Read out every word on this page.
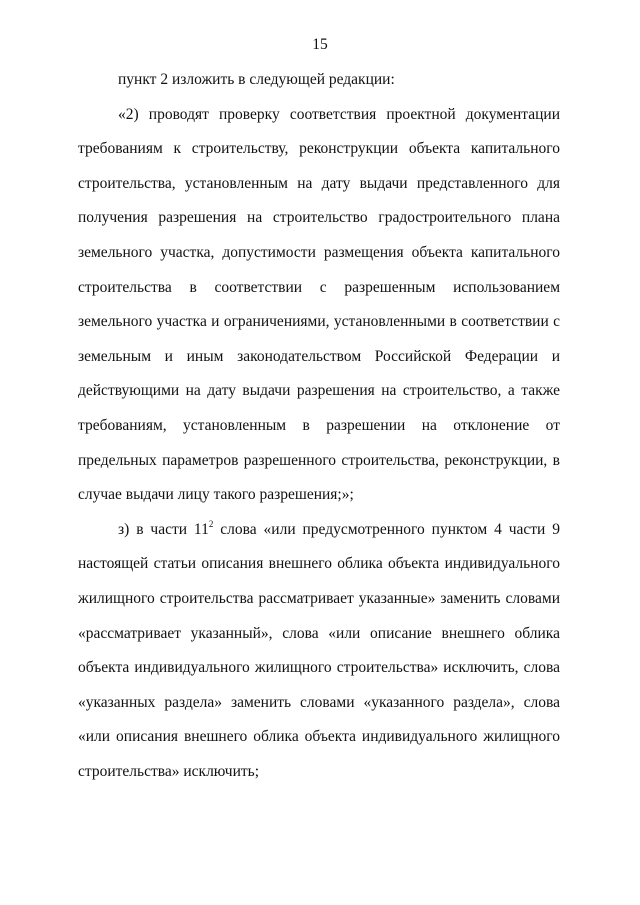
15

пункт 2 изложить в следующей редакции:

«2) проводят проверку соответствия проектной документации требованиям к строительству, реконструкции объекта капитального строительства, установленным на дату выдачи представленного для получения разрешения на строительство градостроительного плана земельного участка, допустимости размещения объекта капитального строительства в соответствии с разрешенным использованием земельного участка и ограничениями, установленными в соответствии с земельным и иным законодательством Российской Федерации и действующими на дату выдачи разрешения на строительство, а также требованиям, установленным в разрешении на отклонение от предельных параметров разрешенного строительства, реконструкции, в случае выдачи лицу такого разрешения;»;

з) в части $11^2$ слова «или предусмотренного пунктом 4 части 9 настоящей статьи описания внешнего облика объекта индивидуального жилищного строительства рассматривает указанные» заменить словами «рассматривает указанный», слова «или описание внешнего облика объекта индивидуального жилищного строительства» исключить, слова «указанных раздела» заменить словами «указанного раздела», слова «или описания внешнего облика объекта индивидуального жилищного строительства» исключить;
